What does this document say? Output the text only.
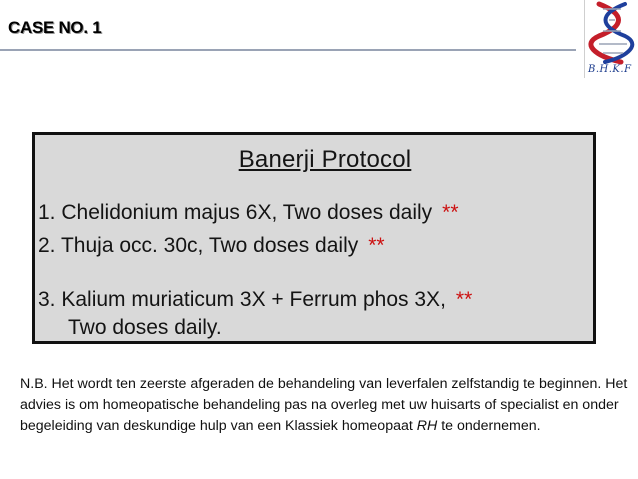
CASE NO. 1
B.H.K.F
Banerji Protocol
1. Chelidonium majus 6X, Two doses daily **
2. Thuja occ. 30c, Two doses daily **
3. Kalium muriaticum 3X + Ferrum phos 3X, **
Two doses daily.
N.B. Het wordt ten zeerste afgeraden de behandeling van leverfalen zelfstandig te beginnen. Het advies is om homeopatische behandeling pas na overleg met uw huisarts of specialist en onder begeleiding van deskundige hulp van een Klassiek homeopaat RH te ondernemen.
